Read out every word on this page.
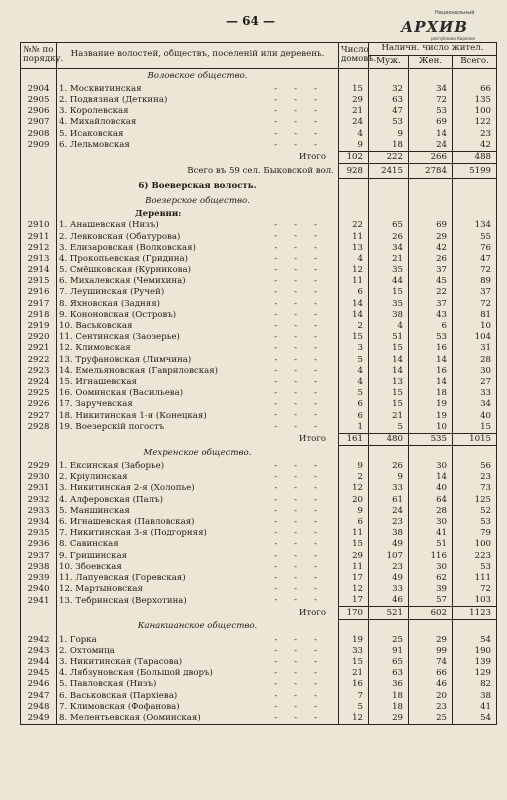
— 64 —
Национальный
АРХИВ
республики Карелия
№№ по порядку.	Название волостей, обществъ, поселеній или деревень.	Число домовъ.	Наличн. число жител.		
			Муж.	Жен.	Всего.
	Воловское общество.				
2904	1. Москвитинская ---	15	32	34	66
2905	2. Подвязная (Деткина) ---	29	63	72	135
2906	3. Королевская ---	21	47	53	100
2907	4. Михайловская ---	24	53	69	122
2908	5. Исаковская ---	4	9	14	23
2909	6. Лельмовская ---	9	18	24	42
	Итого	102	222	266	488
	Всего въ 59 сел. Быковской вол.	928	2415	2784	5199
	6) Воеверская волость.				
	Воезерское общество.				
	Деревни:				
2910	1. Анашевская (Низъ) ---	22	65	69	134
2911	2. Левковская (Обатурова) ---	11	26	29	55
2912	3. Елизаровская (Волковская) ---	13	34	42	76
2913	4. Прокопьевская (Гридина) ---	4	21	26	47
2914	5. Смёшковская (Курникова) ---	12	35	37	72
2915	6. Михалевская (Чемихина) ---	11	44	45	89
2916	7. Леушинская (Ручей) ---	6	15	22	37
2917	8. Яхновская (Задняя) ---	14	35	37	72
2918	9. Кононовская (Островъ) ---	14	38	43	81
2919	10. Васьковская ---	2	4	6	10
2920	11. Сентинская (Заозерье) ---	15	51	53	104
2921	12. Климовская ---	3	15	16	31
2922	13. Труфановская (Лимчина) ---	5	14	14	28
2923	14. Емельяновская (Гавриловская) ---	4	14	16	30
2924	15. Игнашевская ---	4	13	14	27
2925	16. Ооминская (Васильева) ---	5	15	18	33
2926	17. Заручевская ---	6	15	19	34
2927	18. Никитинская 1-я (Конецкая) ---	6	21	19	40
2928	19. Воезерскій погостъ ---	1	5	10	15
	Итого	161	480	535	1015
	Мехренское общество.				
2929	1. Ексинская (Заборье) ---	9	26	30	56
2930	2. Крiулинская ---	2	9	14	23
2931	3. Никитинская 2-я (Холопье) ---	12	33	40	73
2932	4. Алферовская (Палъ) ---	20	61	64	125
2933	5. Маншинская ---	9	24	28	52
2934	6. Игнашевская (Павловская) ---	6	23	30	53
2935	7. Никитинская 3-я (Подгорняя) ---	11	38	41	79
2936	8. Савинская ---	15	49	51	100
2937	9. Гришинская ---	29	107	116	223
2938	10. Збоевская ---	11	23	30	53
2939	11. Лапуевская (Горевская) ---	17	49	62	111
2940	12. Мартыновская ---	12	33	39	72
2941	13. Тебринская (Верхотина) ---	17	46	57	103
	Итого	170	521	602	1123
	Канакшанское общество.				
2942	1. Горка ---	19	25	29	54
2943	2. Охтомица ---	33	91	99	190
2944	3. Никитинская (Тарасова) ---	15	65	74	139
2945	4. Лябзуновская (Большой дворъ) ---	21	63	66	129
2946	5. Павловская (Низъ) ---	16	36	46	82
2947	6. Васьковская (Пархiева) ---	7	18	20	38
2948	7. Климовская (Фофанова) ---	5	18	23	41
2949	8. Мелентьевская (Ооминская) ---	12	29	25	54
